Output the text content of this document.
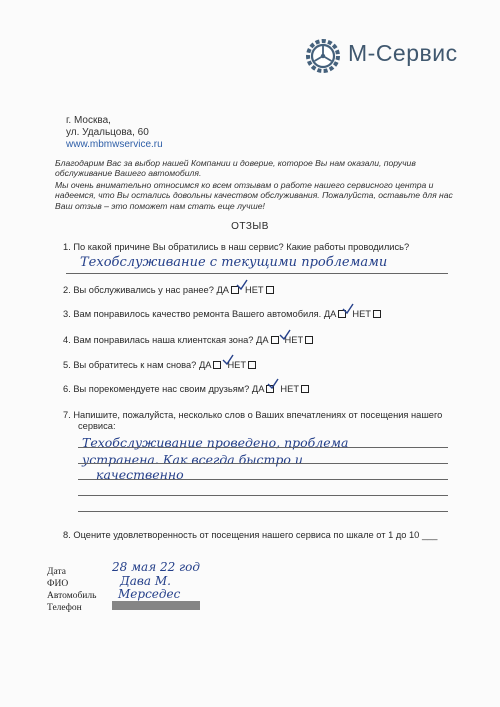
М-Сервис
г. Москва,
ул. Удальцова, 60
www.mbmwservice.ru
Благодарим Вас за выбор нашей Компании и доверие, которое Вы нам оказали, поручив обслуживание Вашего автомобиля.
Мы очень внимательно относимся ко всем отзывам о работе нашего сервисного центра и надеемся, что Вы остались довольны качеством обслуживания. Пожалуйста, оставьте для нас Ваш отзыв – это поможет нам стать еще лучше!
ОТЗЫВ
1. По какой причине Вы обратились в наш сервис? Какие работы проводились?
Техобслуживание с текущими проблемами
2. Вы обслуживались у нас ранее? ДА НЕТ
3. Вам понравилось качество ремонта Вашего автомобиля. ДА НЕТ
4. Вам понравилась наша клиентская зона? ДА НЕТ
5. Вы обратитесь к нам снова? ДА НЕТ
6. Вы порекомендуете нас своим друзьям? ДА НЕТ
7. Напишите, пожалуйста, несколько слов о Ваших впечатлениях от посещения нашего
сервиса:
Техобслуживание проведено, проблема
устранена. Как всегда быстро и
качественно
8. Оцените удовлетворенность от посещения нашего сервиса по шкале от 1 до 10 ___
Дата
ФИО
Автомобиль
Телефон
28 мая 22 год
Дава М.
Мерседес
